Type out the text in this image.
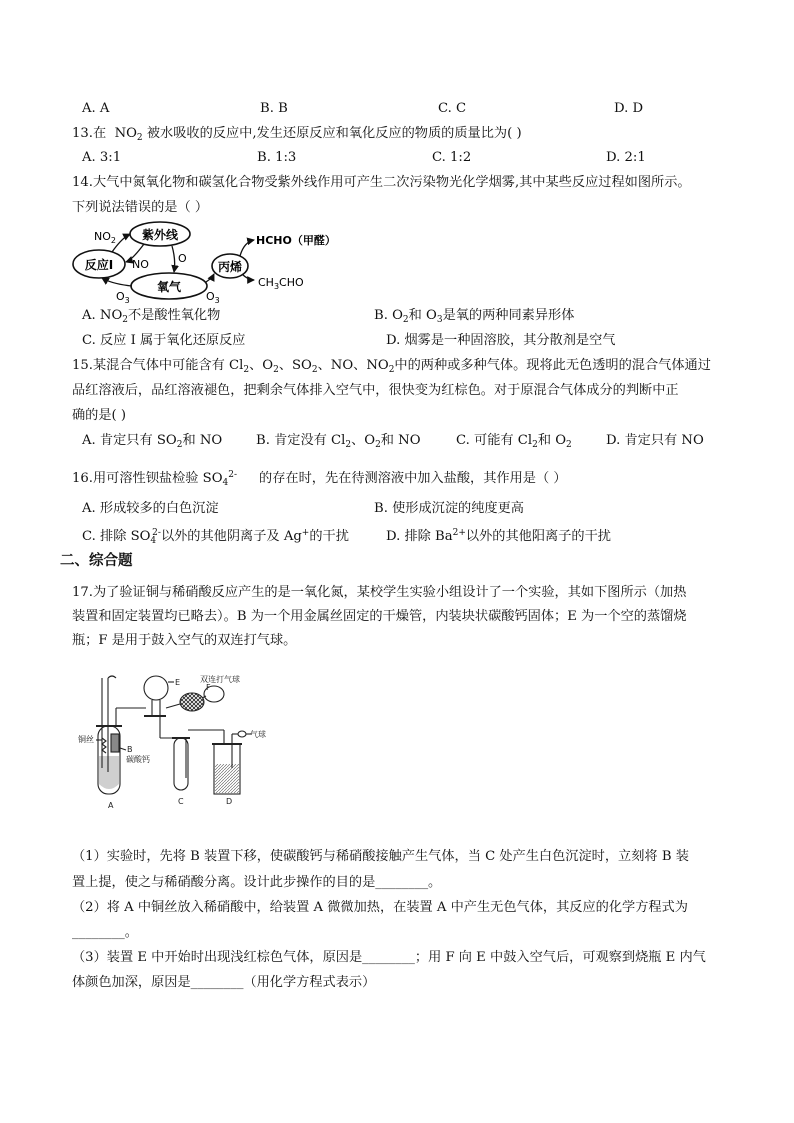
A. A	B. B	C. C	D. D
13.在 $NO_2$ 被水吸收的反应中,发生还原反应和氧化反应的物质的质量比为( )
A. 3:1	B. 1:3	C. 1:2	D. 2:1
14.大气中氮氧化物和碳氢化合物受紫外线作用可产生二次污染物光化学烟雾,其中某些反应过程如图所示。
下列说法错误的是（ ）
反应I
紫外线
氧气
丙烯
$NO_2$
NO	O
$O_3$	$O_3$
HCHO（甲醛）
$CH_3CHO$
A. $NO_2$不是酸性氧化物	B. $O_2$和 $O_3$是氧的两种同素异形体
C. 反应 I 属于氧化还原反应	D. 烟雾是一种固溶胶，其分散剂是空气
15.某混合气体中可能含有 $Cl_2$、$O_2$、$SO_2$、NO、$NO_2$中的两种或多种气体。现将此无色透明的混合气体通过
品红溶液后，品红溶液褪色，把剩余气体排入空气中，很快变为红棕色。对于原混合气体成分的判断中正
确的是( )
A. 肯定只有 $SO_2$和 NO	B. 肯定没有 $Cl_2$、$O_2$和 NO	C. 可能有 $Cl_2$和 $O_2$	D. 肯定只有 NO
16.用可溶性钡盐检验 $SO_4^{2-}$ 的存在时，先在待测溶液中加入盐酸，其作用是（ ）
A. 形成较多的白色沉淀	B. 使形成沉淀的纯度更高
C. 排除 $SO_4^{2-}$以外的其他阴离子及 Ag+的干扰	D. 排除 $Ba^{2+}$以外的其他阳离子的干扰
二、综合题
17.为了验证铜与稀硝酸反应产生的是一氧化氮，某校学生实验小组设计了一个实验，其如下图所示（加热
装置和固定装置均已略去）。B 为一个用金属丝固定的干燥管，内装块状碳酸钙固体；E 为一个空的蒸馏烧
瓶；F 是用于鼓入空气的双连打气球。
E 双连打气球
F
铜丝
B
碳酸钙
气球
A	C	D
（1）实验时，先将 B 装置下移，使碳酸钙与稀硝酸接触产生气体，当 C 处产生白色沉淀时，立刻将 B 装
置上提，使之与稀硝酸分离。设计此步操作的目的是________。
（2）将 A 中铜丝放入稀硝酸中，给装置 A 微微加热，在装置 A 中产生无色气体，其反应的化学方程式为
________。
（3）装置 E 中开始时出现浅红棕色气体，原因是________；用 F 向 E 中鼓入空气后，可观察到烧瓶 E 内气
体颜色加深，原因是________（用化学方程式表示）
